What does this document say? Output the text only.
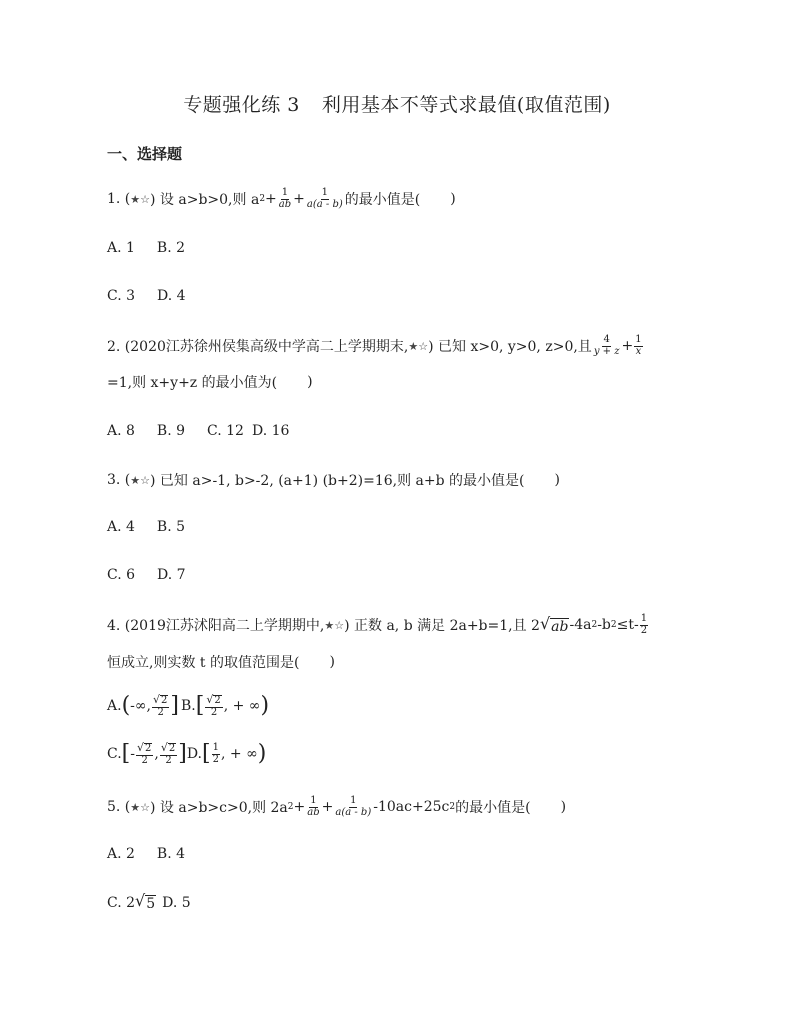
专题强化练 3 利用基本不等式求最值(取值范围)
一、选择题
1. ( ★☆ ) 设 a>b>0,则 a $2 + \frac{1}{ab} + \frac{1}{a(a - b)}$ 的最小值是( )
A. 1 B. 2
C. 3 D. 4
2. (2020江苏徐州侯集高级中学高二上学期期末, ★☆ ) 已知 x>0, y>0, z>0,且 $\frac{4}{y + z} + \frac{1}{x}$
=1,则 x+y+z 的最小值为( )
A. 8 B. 9 C. 12 D. 16
3. ( ★☆ ) 已知 a>-1, b>-2, (a+1) (b+2)=16,则 a+b 的最小值是( )
A. 4 B. 5
C. 6 D. 7
4. (2019江苏沭阳高二上学期期中, ★☆ ) 正数 a, b 满足 2a+b=1,且 2 √ ab -4a 2 -b $2 \le t- \frac{1}{2}$
恒成立,则实数 t 的取值范围是( )
A. ( -∞, $\frac{√ 2}{2}$ ] B. [ $\frac{√ 2}{2}$ , + ∞ )
C. [ - $\frac{√ 2}{2}$ , $\frac{√ 2}{2}$ ] D. [ $\frac{1}{2}$ , + ∞ )
5. ( ★☆ ) 设 a>b>c>0,则 2a $2 + \frac{1}{ab} + \frac{1}{a(a - b)} -10ac+25c$ 2 的最小值是( )
A. 2 B. 4
C. 2 √ 5 D. 5
